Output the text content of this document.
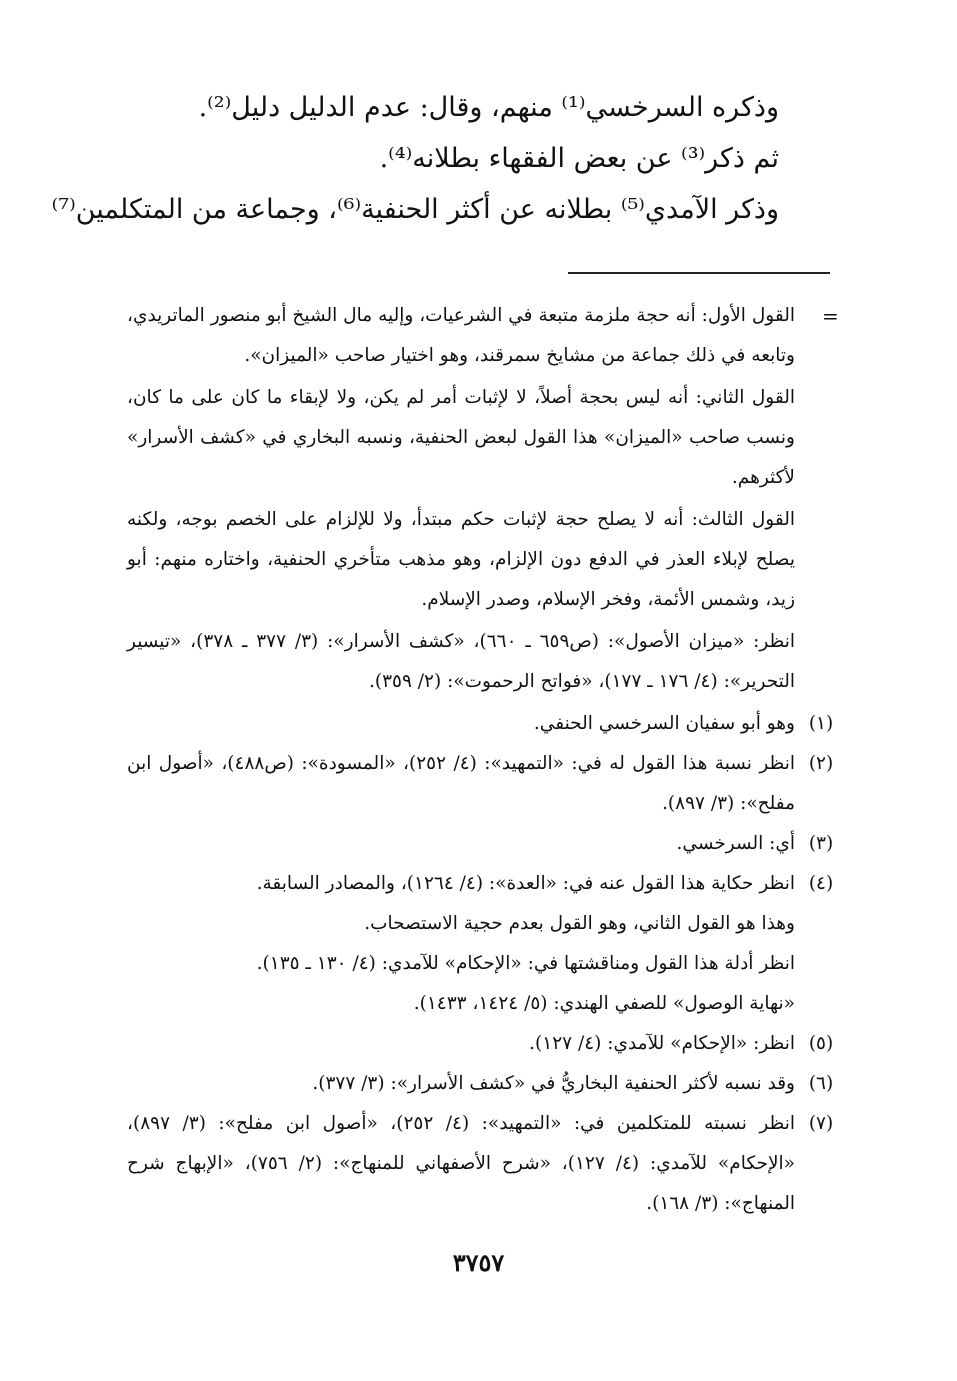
وذكره السرخسي⁽¹⁾ منهم، وقال: عدم الدليل دليل⁽²⁾.
ثم ذكر⁽³⁾ عن بعض الفقهاء بطلانه⁽⁴⁾.
وذكر الآمدي⁽⁵⁾ بطلانه عن أكثر الحنفية⁽⁶⁾، وجماعة من المتكلمين⁽⁷⁾
=

القول الأول: أنه حجة ملزمة متبعة في الشرعيات، وإليه مال الشيخ أبو منصور الماتريدي، وتابعه في ذلك جماعة من مشايخ سمرقند، وهو اختيار صاحب «الميزان».

القول الثاني: أنه ليس بحجة أصلاً، لا لإثبات أمر لم يكن، ولا لإبقاء ما كان على ما كان، ونسب صاحب «الميزان» هذا القول لبعض الحنفية، ونسبه البخاري في «كشف الأسرار» لأكثرهم.

القول الثالث: أنه لا يصلح حجة لإثبات حكم مبتدأ، ولا للإلزام على الخصم بوجه، ولكنه يصلح لإبلاء العذر في الدفع دون الإلزام، وهو مذهب متأخري الحنفية، واختاره منهم: أبو زيد، وشمس الأئمة، وفخر الإسلام، وصدر الإسلام.

انظر: «ميزان الأصول»: (ص٦٥٩ ـ ٦٦٠)، «كشف الأسرار»: (٣/ ٣٧٧ ـ ٣٧٨)، «تيسير التحرير»: (٤/ ١٧٦ ـ ١٧٧)، «فواتح الرحموت»: (٢/ ٣٥٩).

(١)

وهو أبو سفيان السرخسي الحنفي.

(٢)

انظر نسبة هذا القول له في: «التمهيد»: (٤/ ٢٥٢)، «المسودة»: (ص٤٨٨)، «أصول ابن مفلح»: (٣/ ٨٩٧).

(٣)

أي: السرخسي.

(٤)

انظر حكاية هذا القول عنه في: «العدة»: (٤/ ١٢٦٤)، والمصادر السابقة.

وهذا هو القول الثاني، وهو القول بعدم حجية الاستصحاب.

انظر أدلة هذا القول ومناقشتها في: «الإحكام» للآمدي: (٤/ ١٣٠ ـ ١٣٥).

«نهاية الوصول» للصفي الهندي: (٥/ ١٤٢٤، ١٤٣٣).

(٥)

انظر: «الإحكام» للآمدي: (٤/ ١٢٧).

(٦)

وقد نسبه لأكثر الحنفية البخاريُّ في «كشف الأسرار»: (٣/ ٣٧٧).

(٧)

انظر نسبته للمتكلمين في: «التمهيد»: (٤/ ٢٥٢)، «أصول ابن مفلح»: (٣/ ٨٩٧)، «الإحكام» للآمدي: (٤/ ١٢٧)، «شرح الأصفهاني للمنهاج»: (٢/ ٧٥٦)، «الإبهاج شرح المنهاج»: (٣/ ١٦٨).

٣٧٥٧
